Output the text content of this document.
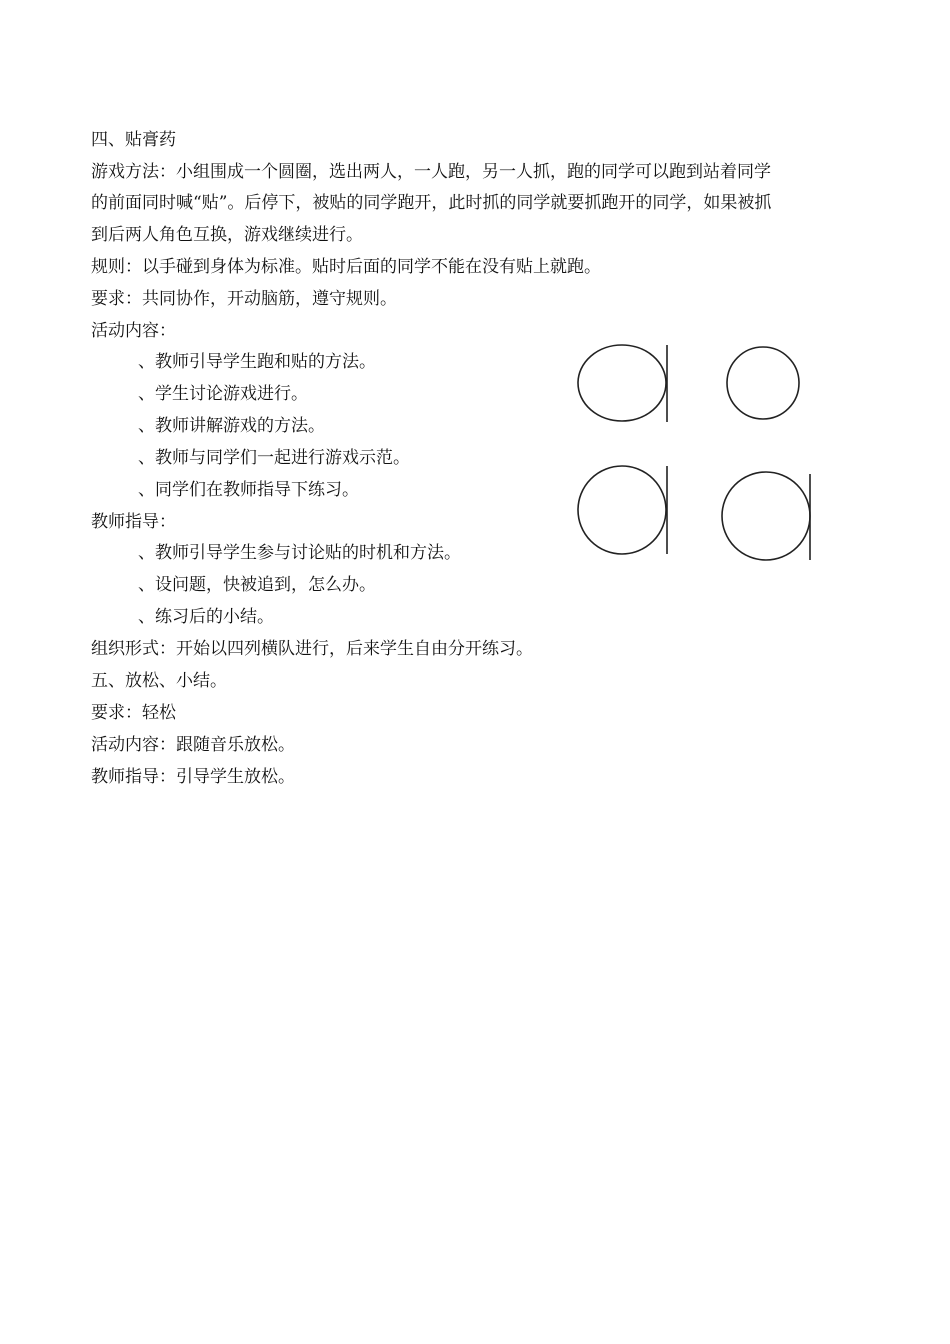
四、贴膏药
游戏方法：小组围成一个圆圈，选出两人，一人跑，另一人抓，跑的同学可以跑到站着同学
的前面同时喊“贴”。后停下，被贴的同学跑开，此时抓的同学就要抓跑开的同学，如果被抓
到后两人角色互换，游戏继续进行。
规则：以手碰到身体为标准。贴时后面的同学不能在没有贴上就跑。
要求：共同协作，开动脑筋，遵守规则。
活动内容：
、教师引导学生跑和贴的方法。
、学生讨论游戏进行。
、教师讲解游戏的方法。
、教师与同学们一起进行游戏示范。
、同学们在教师指导下练习。
教师指导：
、教师引导学生参与讨论贴的时机和方法。
、设问题，快被追到，怎么办。
、练习后的小结。
组织形式：开始以四列横队进行，后来学生自由分开练习。
五、放松、小结。
要求：轻松
活动内容：跟随音乐放松。
教师指导：引导学生放松。
